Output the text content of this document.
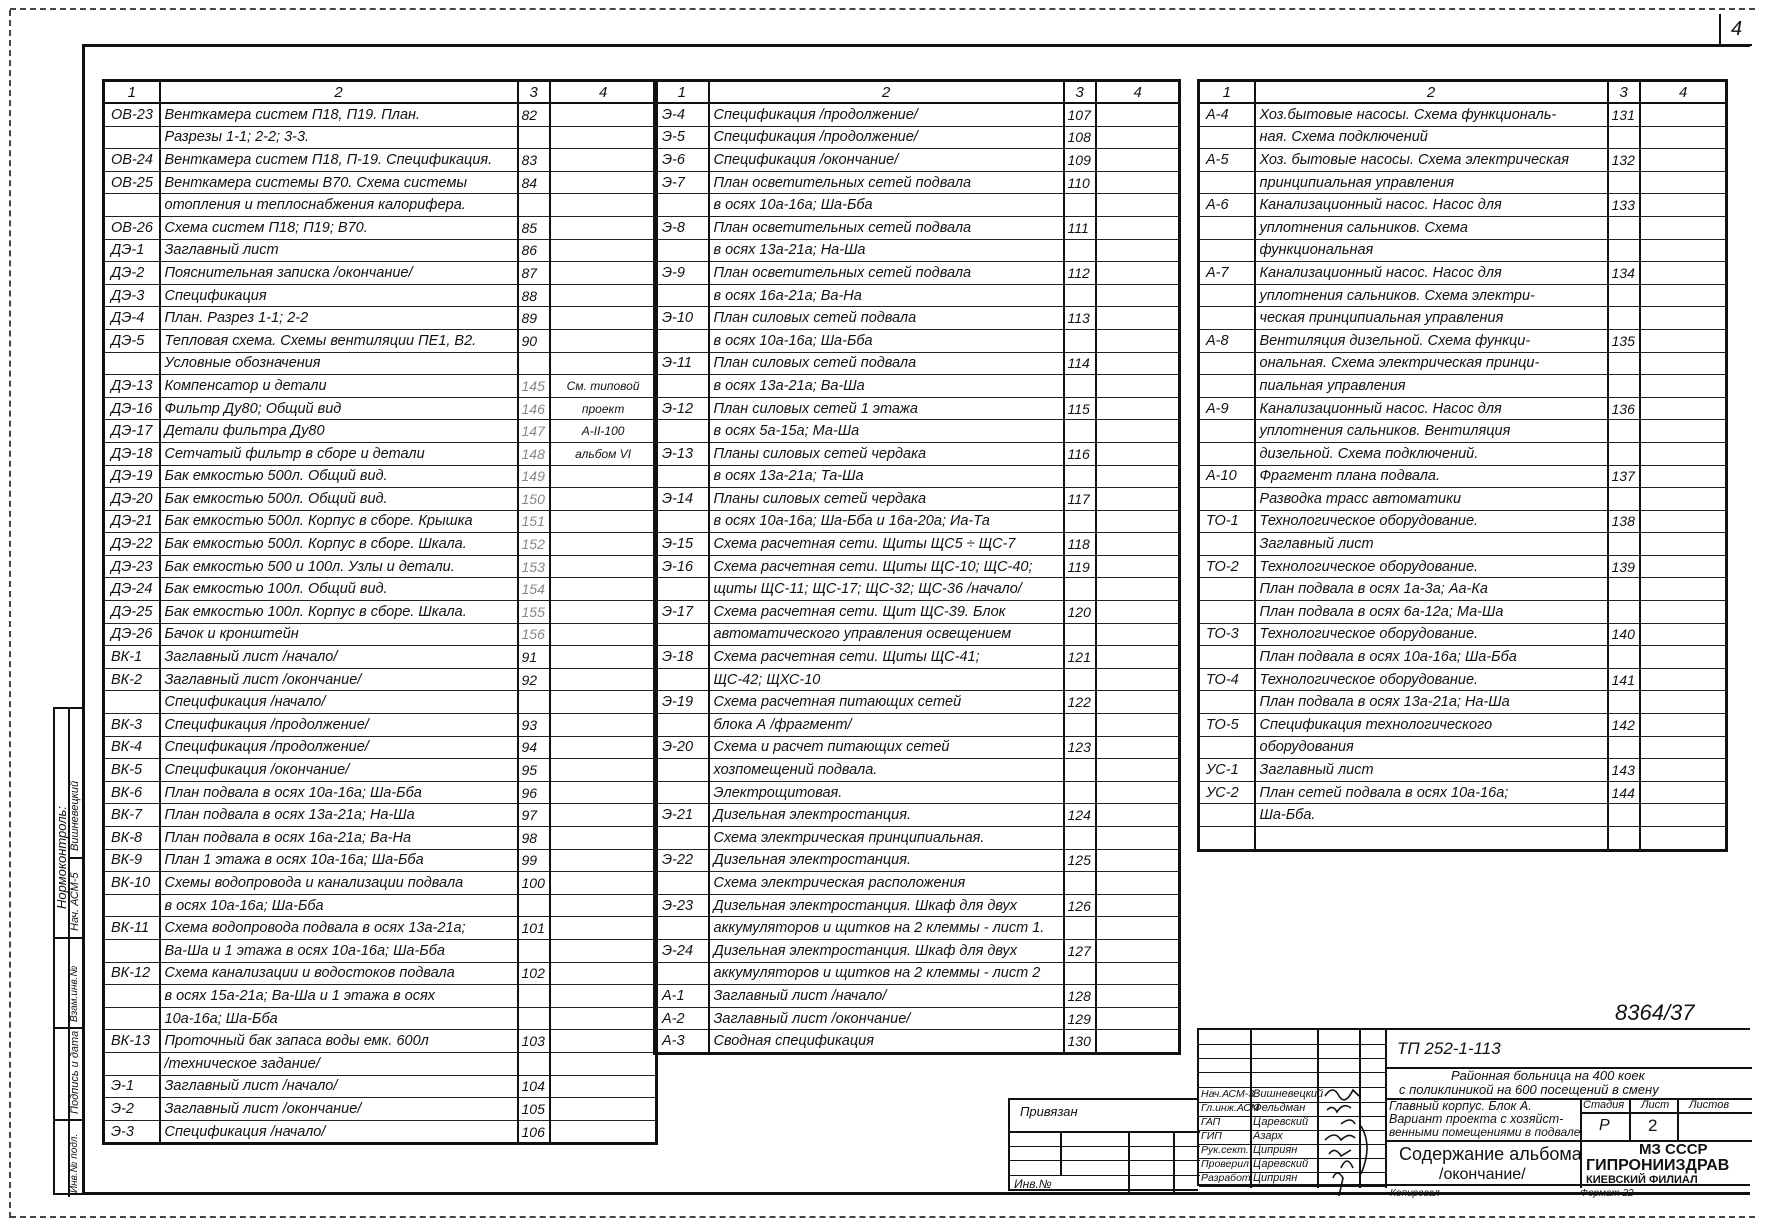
4
1	2	3	4
ОВ-23	Венткамера систем П18, П19. План.	82	
	Разрезы 1-1; 2-2; 3-3.		
ОВ-24	Венткамера систем П18, П-19. Спецификация.	83	
ОВ-25	Венткамера системы В70. Схема системы	84	
	отопления и теплоснабжения калорифера.		
ОВ-26	Схема систем П18; П19; В70.	85	
ДЭ-1	Заглавный лист	86	
ДЭ-2	Пояснительная записка /окончание/	87	
ДЭ-3	Спецификация	88	
ДЭ-4	План. Разрез 1-1; 2-2	89	
ДЭ-5	Тепловая схема. Схемы вентиляции ПЕ1, В2.	90	
	Условные обозначения		
ДЭ-13	Компенсатор и детали	145	См. типовой
ДЭ-16	Фильтр Ду80; Общий вид	146	проект
ДЭ-17	Детали фильтра Ду80	147	А-II-100
ДЭ-18	Сетчатый фильтр в сборе и детали	148	альбом VI
ДЭ-19	Бак емкостью 500л. Общий вид.	149	
ДЭ-20	Бак емкостью 500л. Общий вид.	150	
ДЭ-21	Бак емкостью 500л. Корпус в сборе. Крышка	151	
ДЭ-22	Бак емкостью 500л. Корпус в сборе. Шкала.	152	
ДЭ-23	Бак емкостью 500 и 100л. Узлы и детали.	153	
ДЭ-24	Бак емкостью 100л. Общий вид.	154	
ДЭ-25	Бак емкостью 100л. Корпус в сборе. Шкала.	155	
ДЭ-26	Бачок и кронштейн	156	
ВК-1	Заглавный лист /начало/	91	
ВК-2	Заглавный лист /окончание/	92	
	Спецификация /начало/		
ВК-3	Спецификация /продолжение/	93	
ВК-4	Спецификация /продолжение/	94	
ВК-5	Спецификация /окончание/	95	
ВК-6	План подвала в осях 10а-16а; Ша-Бба	96	
ВК-7	План подвала в осях 13а-21а; На-Ша	97	
ВК-8	План подвала в осях 16а-21а; Ва-На	98	
ВК-9	План 1 этажа в осях 10а-16а; Ша-Бба	99	
ВК-10	Схемы водопровода и канализации подвала	100	
	в осях 10а-16а; Ша-Бба		
ВК-11	Схема водопровода подвала в осях 13а-21а;	101	
	Ва-Ша и 1 этажа в осях 10а-16а; Ша-Бба		
ВК-12	Схема канализации и водостоков подвала	102	
	в осях 15а-21а; Ва-Ша и 1 этажа в осях		
	10а-16а; Ша-Бба		
ВК-13	Проточный бак запаса воды емк. 600л	103	
	/техническое задание/		
Э-1	Заглавный лист /начало/	104	
Э-2	Заглавный лист /окончание/	105	
Э-3	Спецификация /начало/	106	
1	2	3	4
Э-4	Спецификация /продолжение/	107	
Э-5	Спецификация /продолжение/	108	
Э-6	Спецификация /окончание/	109	
Э-7	План осветительных сетей подвала	110	
	в осях 10а-16а; Ша-Бба		
Э-8	План осветительных сетей подвала	111	
	в осях 13а-21а; На-Ша		
Э-9	План осветительных сетей подвала	112	
	в осях 16а-21а; Ва-На		
Э-10	План силовых сетей подвала	113	
	в осях 10а-16а; Ша-Бба		
Э-11	План силовых сетей подвала	114	
	в осях 13а-21а; Ва-Ша		
Э-12	План силовых сетей 1 этажа	115	
	в осях 5а-15а; Ма-Ша		
Э-13	Планы силовых сетей чердака	116	
	в осях 13а-21а; Та-Ша		
Э-14	Планы силовых сетей чердака	117	
	в осях 10а-16а; Ша-Бба и 16а-20а; Иа-Та		
Э-15	Схема расчетная сети. Щиты ЩС5 ÷ ЩС-7	118	
Э-16	Схема расчетная сети. Щиты ЩС-10; ЩС-40;	119	
	щиты ЩС-11; ЩС-17; ЩС-32; ЩС-36 /начало/		
Э-17	Схема расчетная сети. Щит ЩС-39. Блок	120	
	автоматического управления освещением		
Э-18	Схема расчетная сети. Щиты ЩС-41;	121	
	ЩС-42; ЩХС-10		
Э-19	Схема расчетная питающих сетей	122	
	блока А /фрагмент/		
Э-20	Схема и расчет питающих сетей	123	
	хозпомещений подвала.		
	Электрощитовая.		
Э-21	Дизельная электростанция.	124	
	Схема электрическая принципиальная.		
Э-22	Дизельная электростанция.	125	
	Схема электрическая расположения		
Э-23	Дизельная электростанция. Шкаф для двух	126	
	аккумуляторов и щитков на 2 клеммы - лист 1.		
Э-24	Дизельная электростанция. Шкаф для двух	127	
	аккумуляторов и щитков на 2 клеммы - лист 2		
А-1	Заглавный лист /начало/	128	
А-2	Заглавный лист /окончание/	129	
А-3	Сводная спецификация	130	
1	2	3	4
А-4	Хоз.бытовые насосы. Схема функциональ-	131	
	ная. Схема подключений		
А-5	Хоз. бытовые насосы. Схема электрическая	132	
	принципиальная управления		
А-6	Канализационный насос. Насос для	133	
	уплотнения сальников. Схема		
	функциональная		
А-7	Канализационный насос. Насос для	134	
	уплотнения сальников. Схема электри-		
	ческая принципиальная управления		
А-8	Вентиляция дизельной. Схема функци-	135	
	ональная. Схема электрическая принци-		
	пиальная управления		
А-9	Канализационный насос. Насос для	136	
	уплотнения сальников. Вентиляция		
	дизельной. Схема подключений.		
А-10	Фрагмент плана подвала.	137	
	Разводка трасс автоматики		
ТО-1	Технологическое оборудование.	138	
	Заглавный лист		
ТО-2	Технологическое оборудование.	139	
	План подвала в осях 1а-3а; Аа-Ка		
	План подвала в осях 6а-12а; Ма-Ша		
ТО-3	Технологическое оборудование.	140	
	План подвала в осях 10а-16а; Ша-Бба		
ТО-4	Технологическое оборудование.	141	
	План подвала в осях 13а-21а; На-Ша		
ТО-5	Спецификация технологического	142	
	оборудования		
УС-1	Заглавный лист	143	
УС-2	План сетей подвала в осях 10а-16а;	144	
	Ша-Бба.		

8364/37
Привязан
Инв.№
Нач.АСМ-3
Вишневецкий
Гл.инж.АСМ
Фельдман
ГАП	Царевский
ГИП	Азарх
Рук.сект. Циприян
Проверил Царевский
Разработ. Циприян
ТП 252-1-113
Районная больница на 400 коек
с поликлиникой на 600 посещений в смену
Главный корпус. Блок А.
Вариант проекта с хозяйст-
венными помещениями в подвале
Стадия Лист Листов
Р 2
Содержание альбома
/окончание/
МЗ СССР
ГИПРОНИИЗДРАВ
КИЕВСКИЙ ФИЛИАЛ
Копировал	Формат 22
Нормоконтроль: Нач. АСМ-5
Вишневецкий
Взам.инв.№
Подпись и дата
Инв.№ подл.
